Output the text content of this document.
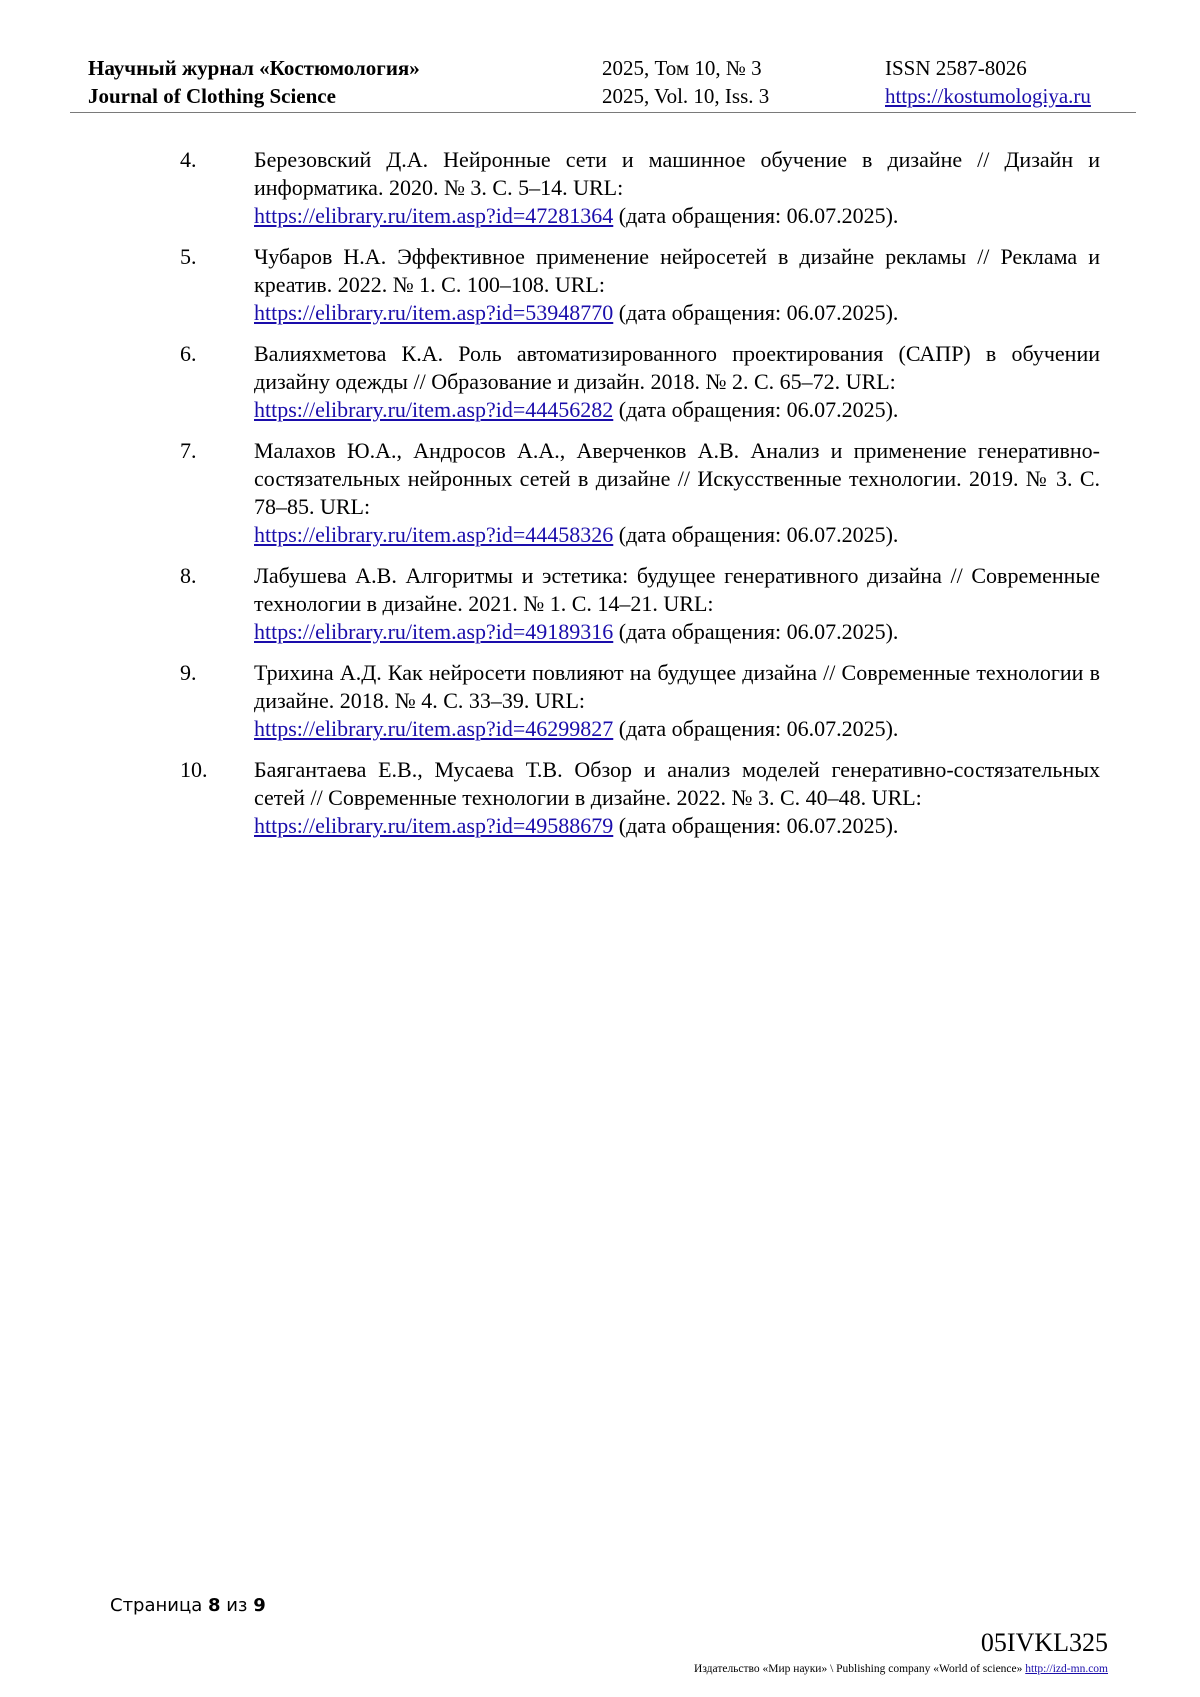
Научный журнал «Костюмология»
Journal of Clothing Science
2025, Том 10, № 3
2025, Vol. 10, Iss. 3
ISSN 2587-8026
https://kostumologiya.ru
4.	Березовский Д.А. Нейронные сети и машинное обучение в дизайне // Дизайн и информатика. 2020. № 3. С. 5–14. URL:
https://elibrary.ru/item.asp?id=47281364 (дата обращения: 06.07.2025).
5.	Чубаров Н.А. Эффективное применение нейросетей в дизайне рекламы // Реклама и креатив. 2022. № 1. С. 100–108. URL:
https://elibrary.ru/item.asp?id=53948770 (дата обращения: 06.07.2025).
6.	Валияхметова К.А. Роль автоматизированного проектирования (САПР) в обучении дизайну одежды // Образование и дизайн. 2018. № 2. С. 65–72. URL:
https://elibrary.ru/item.asp?id=44456282 (дата обращения: 06.07.2025).
7.	Малахов Ю.А., Андросов А.А., Аверченков А.В. Анализ и применение генеративно-состязательных нейронных сетей в дизайне // Искусственные технологии. 2019. № 3. С. 78–85. URL:
https://elibrary.ru/item.asp?id=44458326 (дата обращения: 06.07.2025).
8.	Лабушева А.В. Алгоритмы и эстетика: будущее генеративного дизайна // Современные технологии в дизайне. 2021. № 1. С. 14–21. URL:
https://elibrary.ru/item.asp?id=49189316 (дата обращения: 06.07.2025).
9.	Трихина А.Д. Как нейросети повлияют на будущее дизайна // Современные технологии в дизайне. 2018. № 4. С. 33–39. URL:
https://elibrary.ru/item.asp?id=46299827 (дата обращения: 06.07.2025).
10. Баягантаева Е.В., Мусаева Т.В. Обзор и анализ моделей генеративно-состязательных сетей // Современные технологии в дизайне. 2022. № 3. С. 40–48. URL:
https://elibrary.ru/item.asp?id=49588679 (дата обращения: 06.07.2025).
Страница 8 из 9
05IVKL325
Издательство «Мир науки» \ Publishing company «World of science» http://izd-mn.com
